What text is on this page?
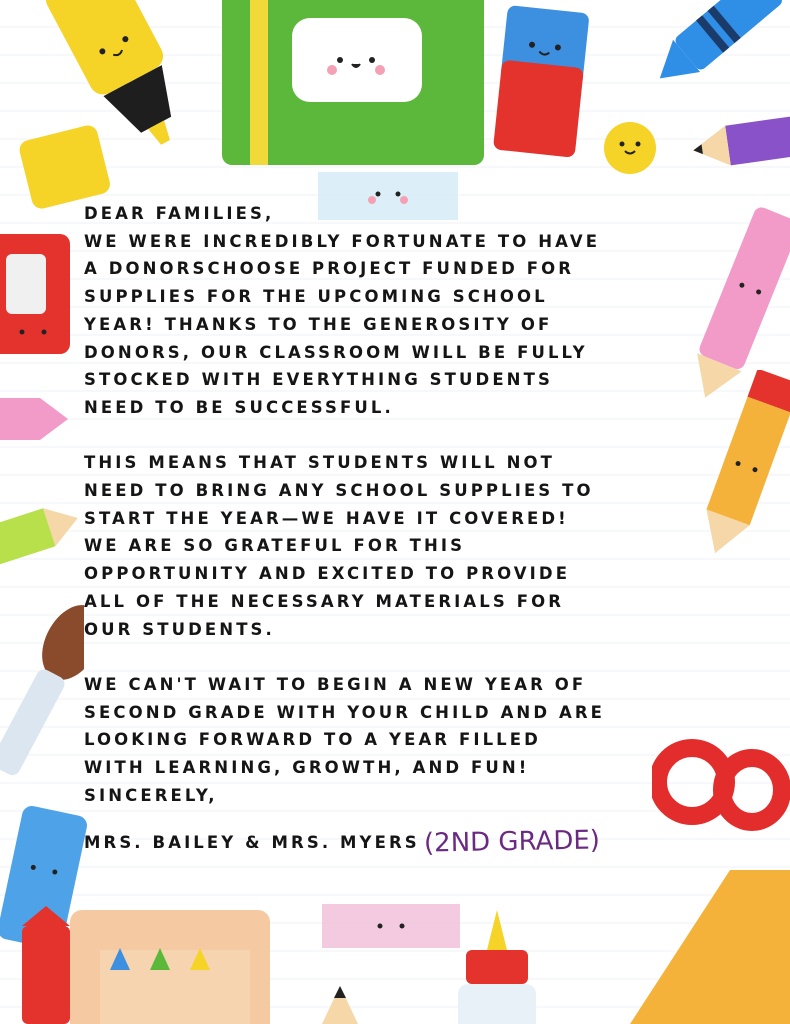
DEAR FAMILIES,

WE WERE INCREDIBLY FORTUNATE TO HAVE
A DONORSCHOOSE PROJECT FUNDED FOR
SUPPLIES FOR THE UPCOMING SCHOOL
YEAR! THANKS TO THE GENEROSITY OF
DONORS, OUR CLASSROOM WILL BE FULLY
STOCKED WITH EVERYTHING STUDENTS
NEED TO BE SUCCESSFUL.

THIS MEANS THAT STUDENTS WILL NOT
NEED TO BRING ANY SCHOOL SUPPLIES TO
START THE YEAR—WE HAVE IT COVERED!
WE ARE SO GRATEFUL FOR THIS
OPPORTUNITY AND EXCITED TO PROVIDE
ALL OF THE NECESSARY MATERIALS FOR
OUR STUDENTS.

WE CAN'T WAIT TO BEGIN A NEW YEAR OF
SECOND GRADE WITH YOUR CHILD AND ARE
LOOKING FORWARD TO A YEAR FILLED
WITH LEARNING, GROWTH, AND FUN!

SINCERELY,

MRS. BAILEY & MRS. MYERS (2ND GRADE)
